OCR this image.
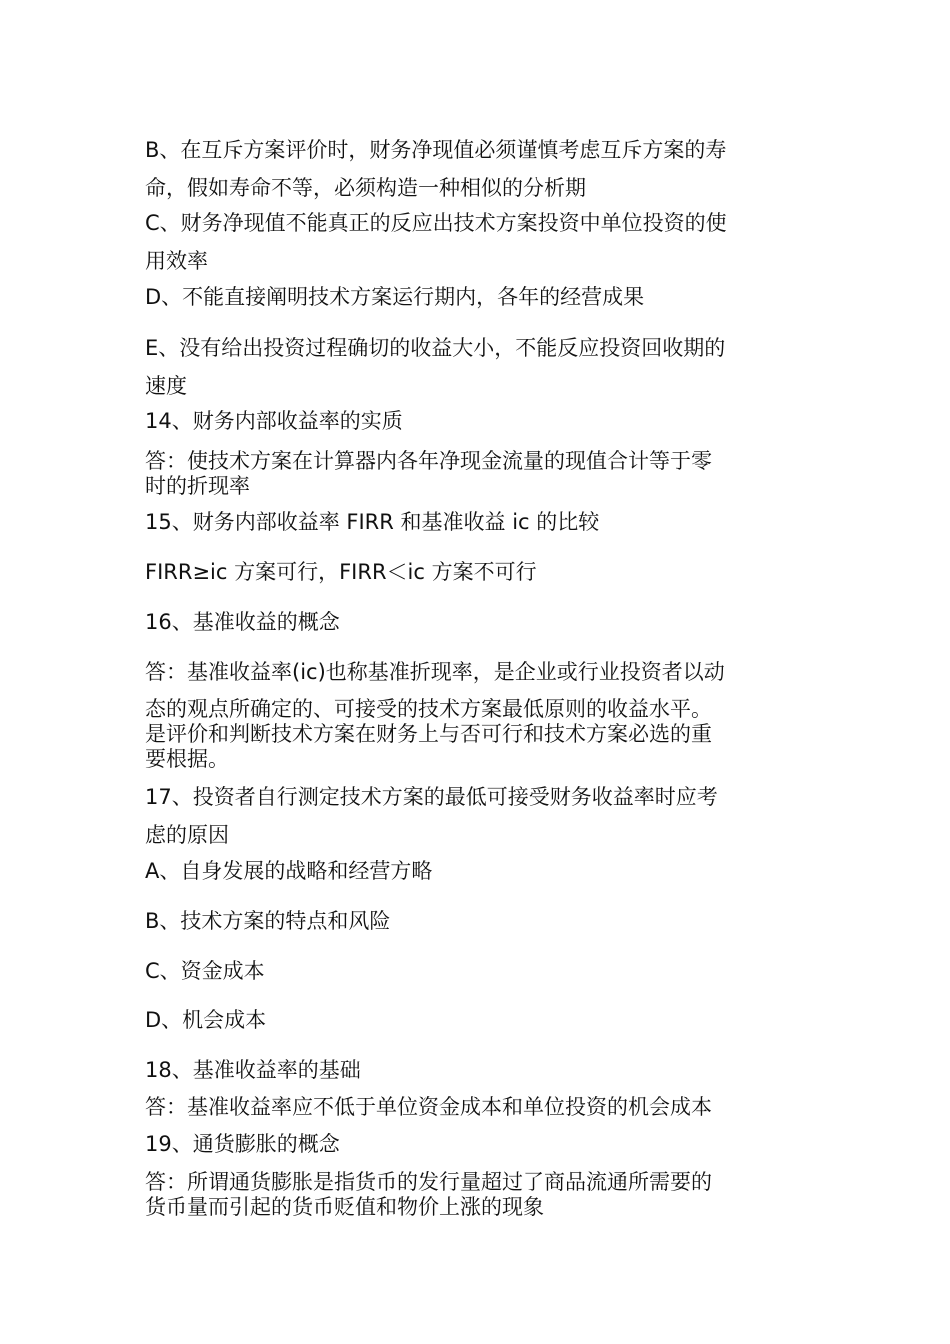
B、在互斥方案评价时，财务净现值必须谨慎考虑互斥方案的寿
命，假如寿命不等，必须构造一种相似的分析期
C、财务净现值不能真正的反应出技术方案投资中单位投资的使
用效率
D、不能直接阐明技术方案运行期内，各年的经营成果
E、没有给出投资过程确切的收益大小，不能反应投资回收期的
速度
14、财务内部收益率的实质
答：使技术方案在计算器内各年净现金流量的现值合计等于零
时的折现率
15、财务内部收益率 FIRR 和基准收益 ic 的比较
FIRR≥ic 方案可行，FIRR＜ic 方案不可行
16、基准收益的概念
答：基准收益率(ic)也称基准折现率，是企业或行业投资者以动
态的观点所确定的、可接受的技术方案最低原则的收益水平。
是评价和判断技术方案在财务上与否可行和技术方案必选的重
要根据。
17、投资者自行测定技术方案的最低可接受财务收益率时应考
虑的原因
A、自身发展的战略和经营方略
B、技术方案的特点和风险
C、资金成本
D、机会成本
18、基准收益率的基础
答：基准收益率应不低于单位资金成本和单位投资的机会成本
19、通货膨胀的概念
答：所谓通货膨胀是指货币的发行量超过了商品流通所需要的
货币量而引起的货币贬值和物价上涨的现象
